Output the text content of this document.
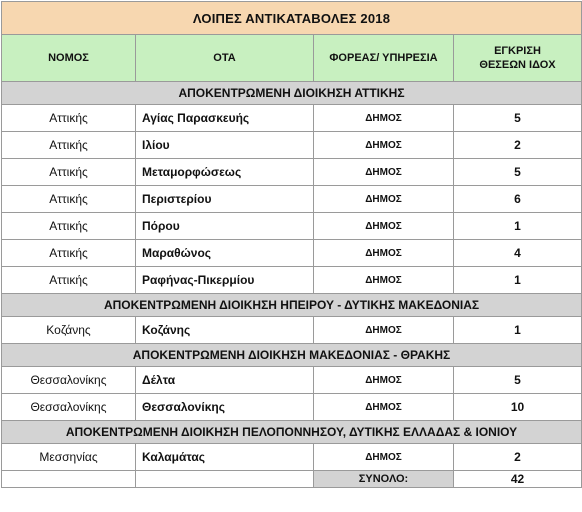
ΛΟΙΠΕΣ ΑΝΤΙΚΑΤΑΒΟΛΕΣ 2018			
ΝΟΜΟΣ	ΟΤΑ	ΦΟΡΕΑΣ/ ΥΠΗΡΕΣΙΑ	ΕΓΚΡΙΣΗ
ΘΕΣΕΩΝ ΙΔΟΧ
ΑΠΟΚΕΝΤΡΩΜΕΝΗ ΔΙΟΙΚΗΣΗ ΑΤΤΙΚΗΣ			
Αττικής	Αγίας Παρασκευής	ΔΗΜΟΣ	5
Αττικής	Ιλίου	ΔΗΜΟΣ	2
Αττικής	Μεταμορφώσεως	ΔΗΜΟΣ	5
Αττικής	Περιστερίου	ΔΗΜΟΣ	6
Αττικής	Πόρου	ΔΗΜΟΣ	1
Αττικής	Μαραθώνος	ΔΗΜΟΣ	4
Αττικής	Ραφήνας-Πικερμίου	ΔΗΜΟΣ	1
ΑΠΟΚΕΝΤΡΩΜΕΝΗ ΔΙΟΙΚΗΣΗ ΗΠΕΙΡΟΥ - ΔΥΤΙΚΗΣ ΜΑΚΕΔΟΝΙΑΣ			
Κοζάνης	Κοζάνης	ΔΗΜΟΣ	1
ΑΠΟΚΕΝΤΡΩΜΕΝΗ ΔΙΟΙΚΗΣΗ ΜΑΚΕΔΟΝΙΑΣ - ΘΡΑΚΗΣ			
Θεσσαλονίκης	Δέλτα	ΔΗΜΟΣ	5
Θεσσαλονίκης	Θεσσαλονίκης	ΔΗΜΟΣ	10
ΑΠΟΚΕΝΤΡΩΜΕΝΗ ΔΙΟΙΚΗΣΗ ΠΕΛΟΠΟΝΝΗΣΟΥ, ΔΥΤΙΚΗΣ ΕΛΛΑΔΑΣ & ΙΟΝΙΟΥ			
Μεσσηνίας	Καλαμάτας	ΔΗΜΟΣ	2
		ΣΥΝΟΛΟ:	42
